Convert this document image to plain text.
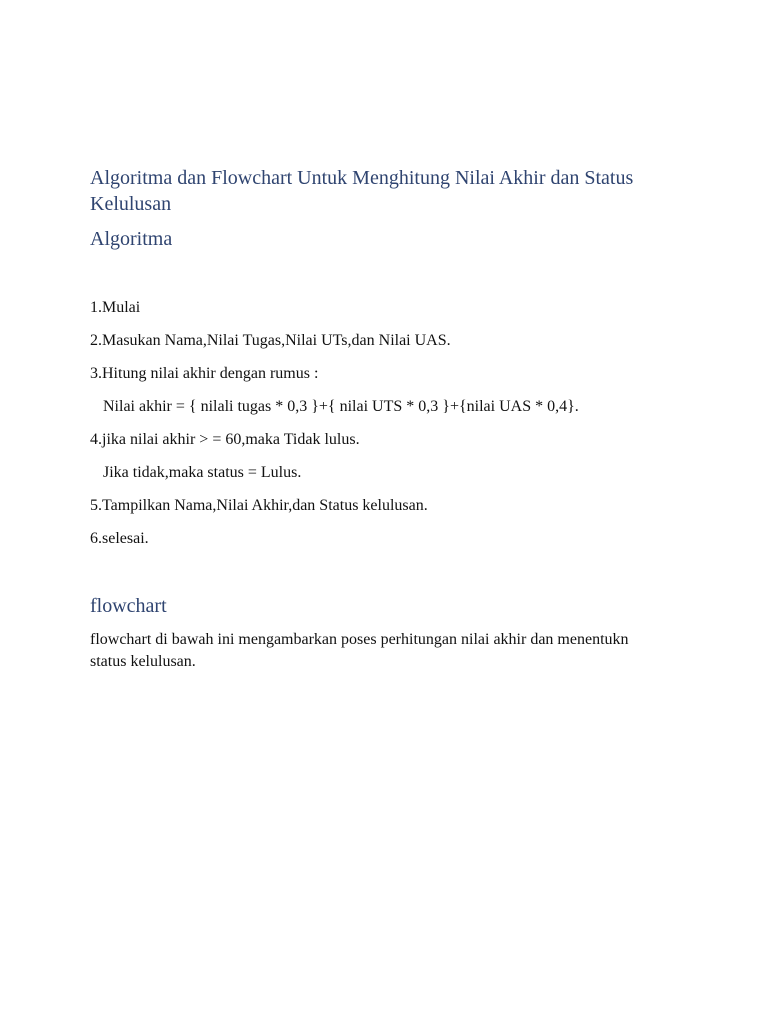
Algoritma dan Flowchart Untuk Menghitung Nilai Akhir dan Status Kelulusan
Algoritma
1.Mulai
2.Masukan Nama,Nilai Tugas,Nilai UTs,dan Nilai UAS.
3.Hitung nilai akhir dengan rumus :
Nilai akhir = { nilali tugas * 0,3 }+{ nilai UTS * 0,3 }+{nilai UAS * 0,4}.
4.jika nilai akhir > = 60,maka Tidak lulus.
Jika tidak,maka status = Lulus.
5.Tampilkan Nama,Nilai Akhir,dan Status kelulusan.
6.selesai.
flowchart

flowchart di bawah ini mengambarkan poses perhitungan nilai akhir dan menentukn status kelulusan.
